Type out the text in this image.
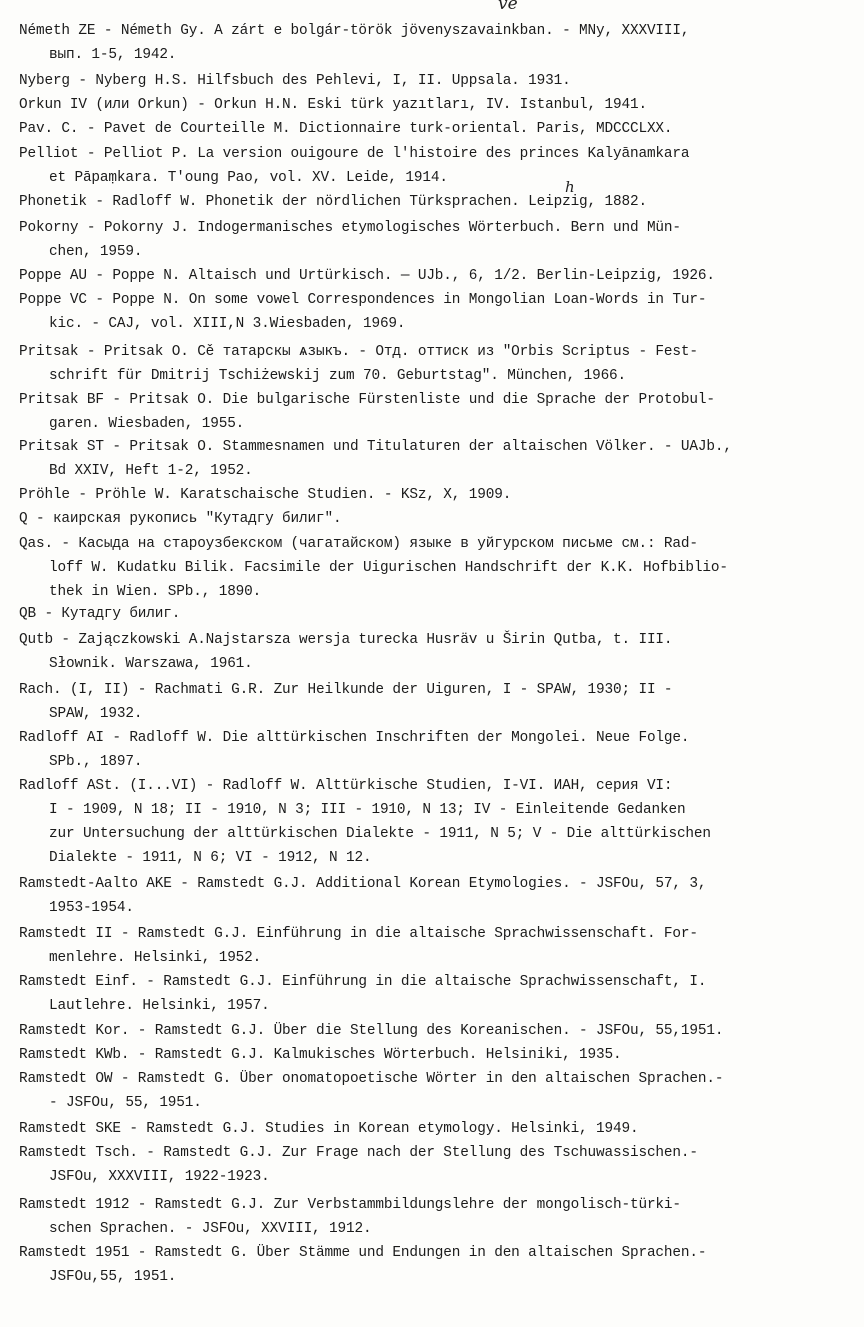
Németh ZE - Németh Gy. A zárt e bolgár-török jövenyszavainkban. - MNy, XXXVIII,
вып. 1-5, 1942.
Nyberg - Nyberg H.S. Hilfsbuch des Pehlevi, I, II. Uppsala. 1931.
Orkun IV (или Orkun) - Orkun H.N. Eski türk yazıtları, IV. Istanbul, 1941.
Pav. C. - Pavet de Courteille M. Dictionnaire turk-oriental. Paris, MDCCCLXX.
Pelliot - Pelliot P. La version ouigoure de l'histoire des princes Kalyānamkara
et Pāpaṃkara. T'oung Pao, vol. XV. Leide, 1914.
Phonetik - Radloff W. Phonetik der nördlichen Türksprachen. Leipzig, 1882.
Pokorny - Pokorny J. Indogermanisches etymologisches Wörterbuch. Bern und Mün-
chen, 1959.
Poppe AU - Poppe N. Altaisch und Urtürkisch. — UJb., 6, 1/2. Berlin-Leipzig, 1926.
Poppe VC - Poppe N. On some vowel Correspondences in Mongolian Loan-Words in Tur-
kic. - CAJ, vol. XIII,N 3.Wiesbaden, 1969.
Pritsak - Pritsak O. Cě татарскы ѧзыкъ. - Отд. оттиск из "Orbis Scriptus - Fest-
schrift für Dmitrij Tschiżewskij zum 70. Geburtstag". München, 1966.
Pritsak BF - Pritsak O. Die bulgarische Fürstenliste und die Sprache der Protobul-
garen. Wiesbaden, 1955.
Pritsak ST - Pritsak O. Stammesnamen und Titulaturen der altaischen Völker. - UAJb.,
Bd XXIV, Heft 1-2, 1952.
Pröhle - Pröhle W. Karatschaische Studien. - KSz, X, 1909.
Q - каирская рукопись "Кутадгу билиг".
Qas. - Касыда на староузбекском (чагатайском) языке в уйгурском письме см.: Rad-
loff W. Kudatku Bilik. Facsimile der Uigurischen Handschrift der K.K. Hofbiblio-
thek in Wien. SPb., 1890.
QB - Кутадгу билиг.
Qutb - Zajączkowski A.Najstarsza wersja turecka Husräv u Širin Qutba, t. III.
Słownik. Warszawa, 1961.
Rach. (I, II) - Rachmati G.R. Zur Heilkunde der Uiguren, I - SPAW, 1930; II -
SPAW, 1932.
Radloff AI - Radloff W. Die alttürkischen Inschriften der Mongolei. Neue Folge.
SPb., 1897.
Radloff ASt. (I...VI) - Radloff W. Alttürkische Studien, I-VI. ИАН, серия VI:
I - 1909, N 18; II - 1910, N 3; III - 1910, N 13; IV - Einleitende Gedanken
zur Untersuchung der alttürkischen Dialekte - 1911, N 5; V - Die alttürkischen
Dialekte - 1911, N 6; VI - 1912, N 12.
Ramstedt-Aalto AKE - Ramstedt G.J. Additional Korean Etymologies. - JSFOu, 57, 3,
1953-1954.
Ramstedt II - Ramstedt G.J. Einführung in die altaische Sprachwissenschaft. For-
menlehre. Helsinki, 1952.
Ramstedt Einf. - Ramstedt G.J. Einführung in die altaische Sprachwissenschaft, I.
Lautlehre. Helsinki, 1957.
Ramstedt Kor. - Ramstedt G.J. Über die Stellung des Koreanischen. - JSFOu, 55,1951.
Ramstedt KWb. - Ramstedt G.J. Kalmukisches Wörterbuch. Helsiniki, 1935.
Ramstedt OW - Ramstedt G. Über onomatopoetische Wörter in den altaischen Sprachen.-
- JSFOu, 55, 1951.
Ramstedt SKE - Ramstedt G.J. Studies in Korean etymology. Helsinki, 1949.
Ramstedt Tsch. - Ramstedt G.J. Zur Frage nach der Stellung des Tschuwassischen.-
JSFOu, XXXVIII, 1922-1923.
Ramstedt 1912 - Ramstedt G.J. Zur Verbstammbildungslehre der mongolisch-türki-
schen Sprachen. - JSFOu, XXVIII, 1912.
Ramstedt 1951 - Ramstedt G. Über Stämme und Endungen in den altaischen Sprachen.-
JSFOu,55, 1951.
ve
h
